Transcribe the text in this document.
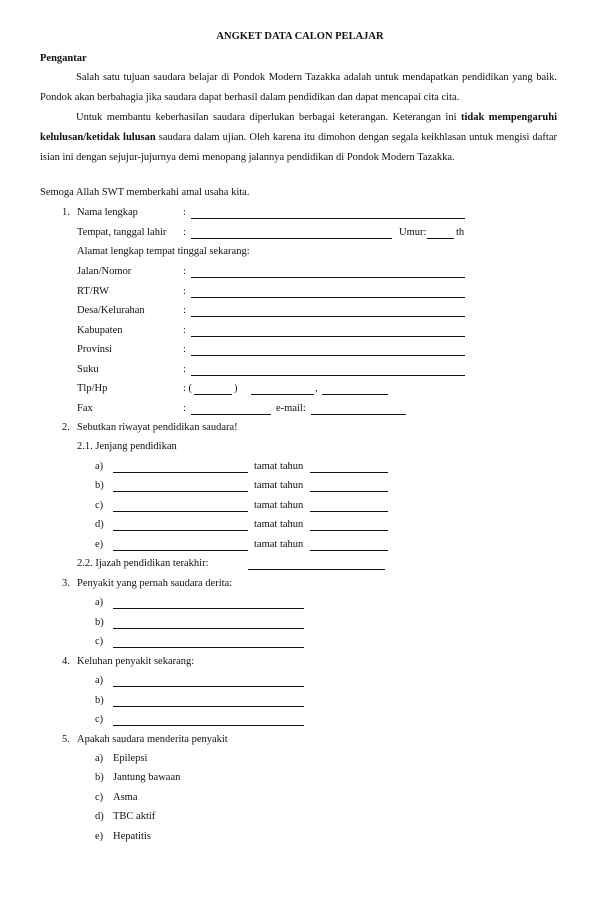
ANGKET DATA CALON PELAJAR
Pengantar
Salah satu tujuan saudara belajar di Pondok Modern Tazakka adalah untuk mendapatkan pendidikan yang baik. Pondok akan berbahagia jika saudara dapat berhasil dalam pendidikan dan dapat mencapai cita cita.
Untuk membantu keberhasilan saudara diperlukan berbagai keterangan. Keterangan ini tidak mempengaruhi kelulusan/ketidak lulusan saudara dalam ujian. Oleh karena itu dimohon dengan segala keikhlasan untuk mengisi daftar isian ini dengan sejujur-jujurnya demi menopang jalannya pendidikan di Pondok Modern Tazakka.
Semoga Allah SWT memberkahi amal usaha kita.
1. Nama lengkap	:
Tempat, tanggal lahir :	Umur:	th
Alamat lengkap tempat tinggal sekarang:
Jalan/Nomor	:
RT/RW	:
Desa/Kelurahan	:
Kabupaten	:
Provinsi	:
Suku	:
Tlp/Hp	: (	)	,
Fax	:	e-mail:
2. Sebutkan riwayat pendidikan saudara!
2.1. Jenjang pendidikan
a)	tamat tahun
b)	tamat tahun
c)	tamat tahun
d)	tamat tahun
e)	tamat tahun
2.2. Ijazah pendidikan terakhir:
3. Penyakit yang pernah saudara derita:
a)
b)
c)
4. Keluhan penyakit sekarang:
a)
b)
c)
5. Apakah saudara menderita penyakit
a) Epilepsi
b) Jantung bawaan
c) Asma
d) TBC aktif
e) Hepatitis
